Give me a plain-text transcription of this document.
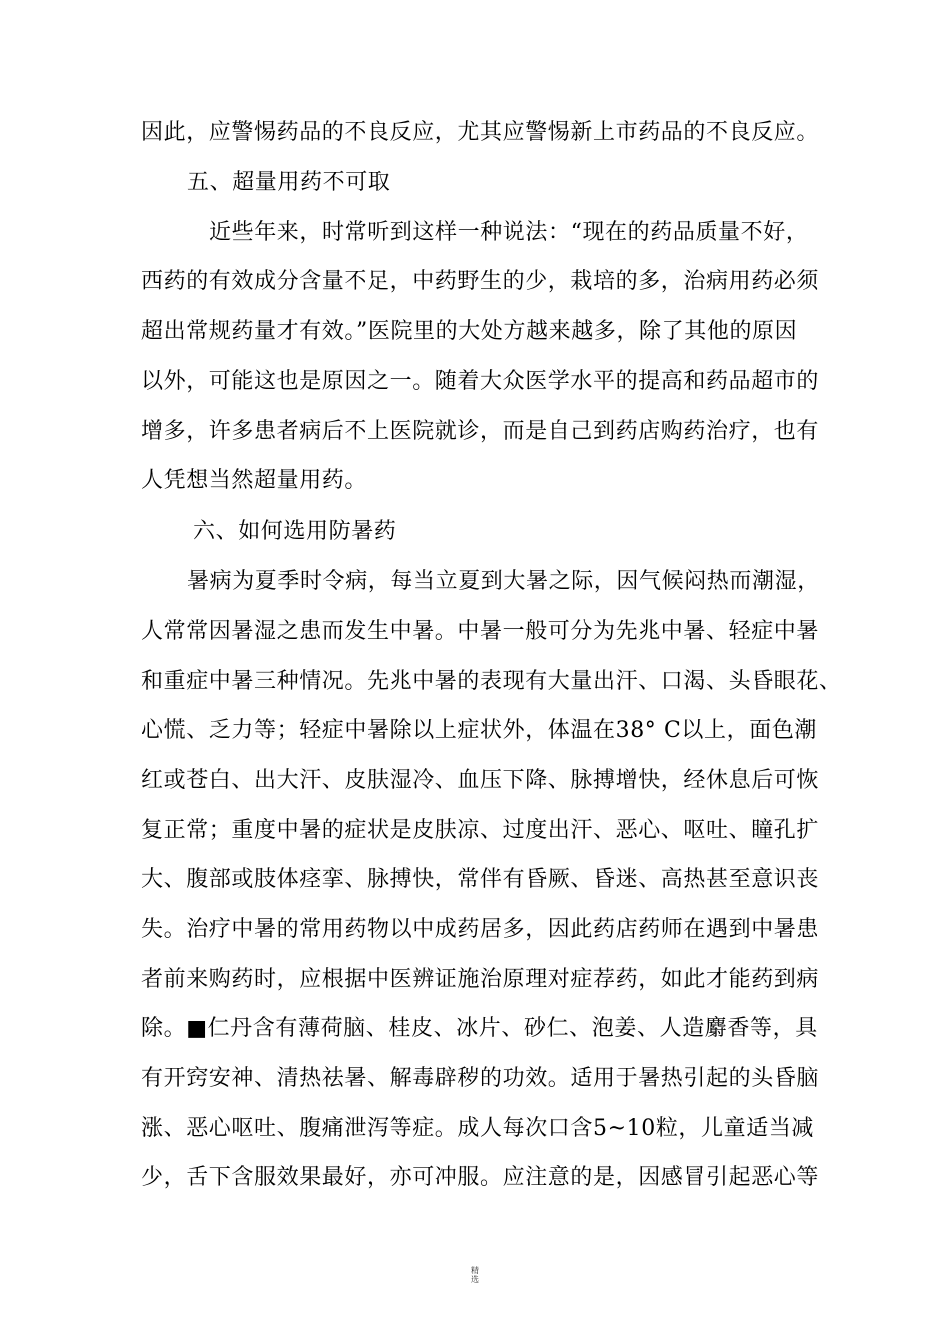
因此，应警惕药品的不良反应，尤其应警惕新上市药品的不良反应。
五、超量用药不可取
近些年来，时常听到这样一种说法：“现在的药品质量不好，
西药的有效成分含量不足，中药野生的少，栽培的多，治病用药必须
超出常规药量才有效。”医院里的大处方越来越多，除了其他的原因
以外，可能这也是原因之一。随着大众医学水平的提高和药品超市的
增多，许多患者病后不上医院就诊，而是自己到药店购药治疗，也有
人凭想当然超量用药。
六、如何选用防暑药
暑病为夏季时令病，每当立夏到大暑之际，因气候闷热而潮湿，
人常常因暑湿之患而发生中暑。中暑一般可分为先兆中暑、轻症中暑
和重症中暑三种情况。先兆中暑的表现有大量出汗、口渴、头昏眼花、
心慌、乏力等；轻症中暑除以上症状外，体温在38° C以上，面色潮
红或苍白、出大汗、皮肤湿冷、血压下降、脉搏增快，经休息后可恢
复正常；重度中暑的症状是皮肤凉、过度出汗、恶心、呕吐、瞳孔扩
大、腹部或肢体痉挛、脉搏快，常伴有昏厥、昏迷、高热甚至意识丧
失。治疗中暑的常用药物以中成药居多，因此药店药师在遇到中暑患
者前来购药时，应根据中医辨证施治原理对症荐药，如此才能药到病
除。■仁丹含有薄荷脑、桂皮、冰片、砂仁、泡姜、人造麝香等，具
有开窍安神、清热祛暑、解毒辟秽的功效。适用于暑热引起的头昏脑
涨、恶心呕吐、腹痛泄泻等症。成人每次口含5~10粒，儿童适当减
少，舌下含服效果最好，亦可冲服。应注意的是，因感冒引起恶心等
精
选
